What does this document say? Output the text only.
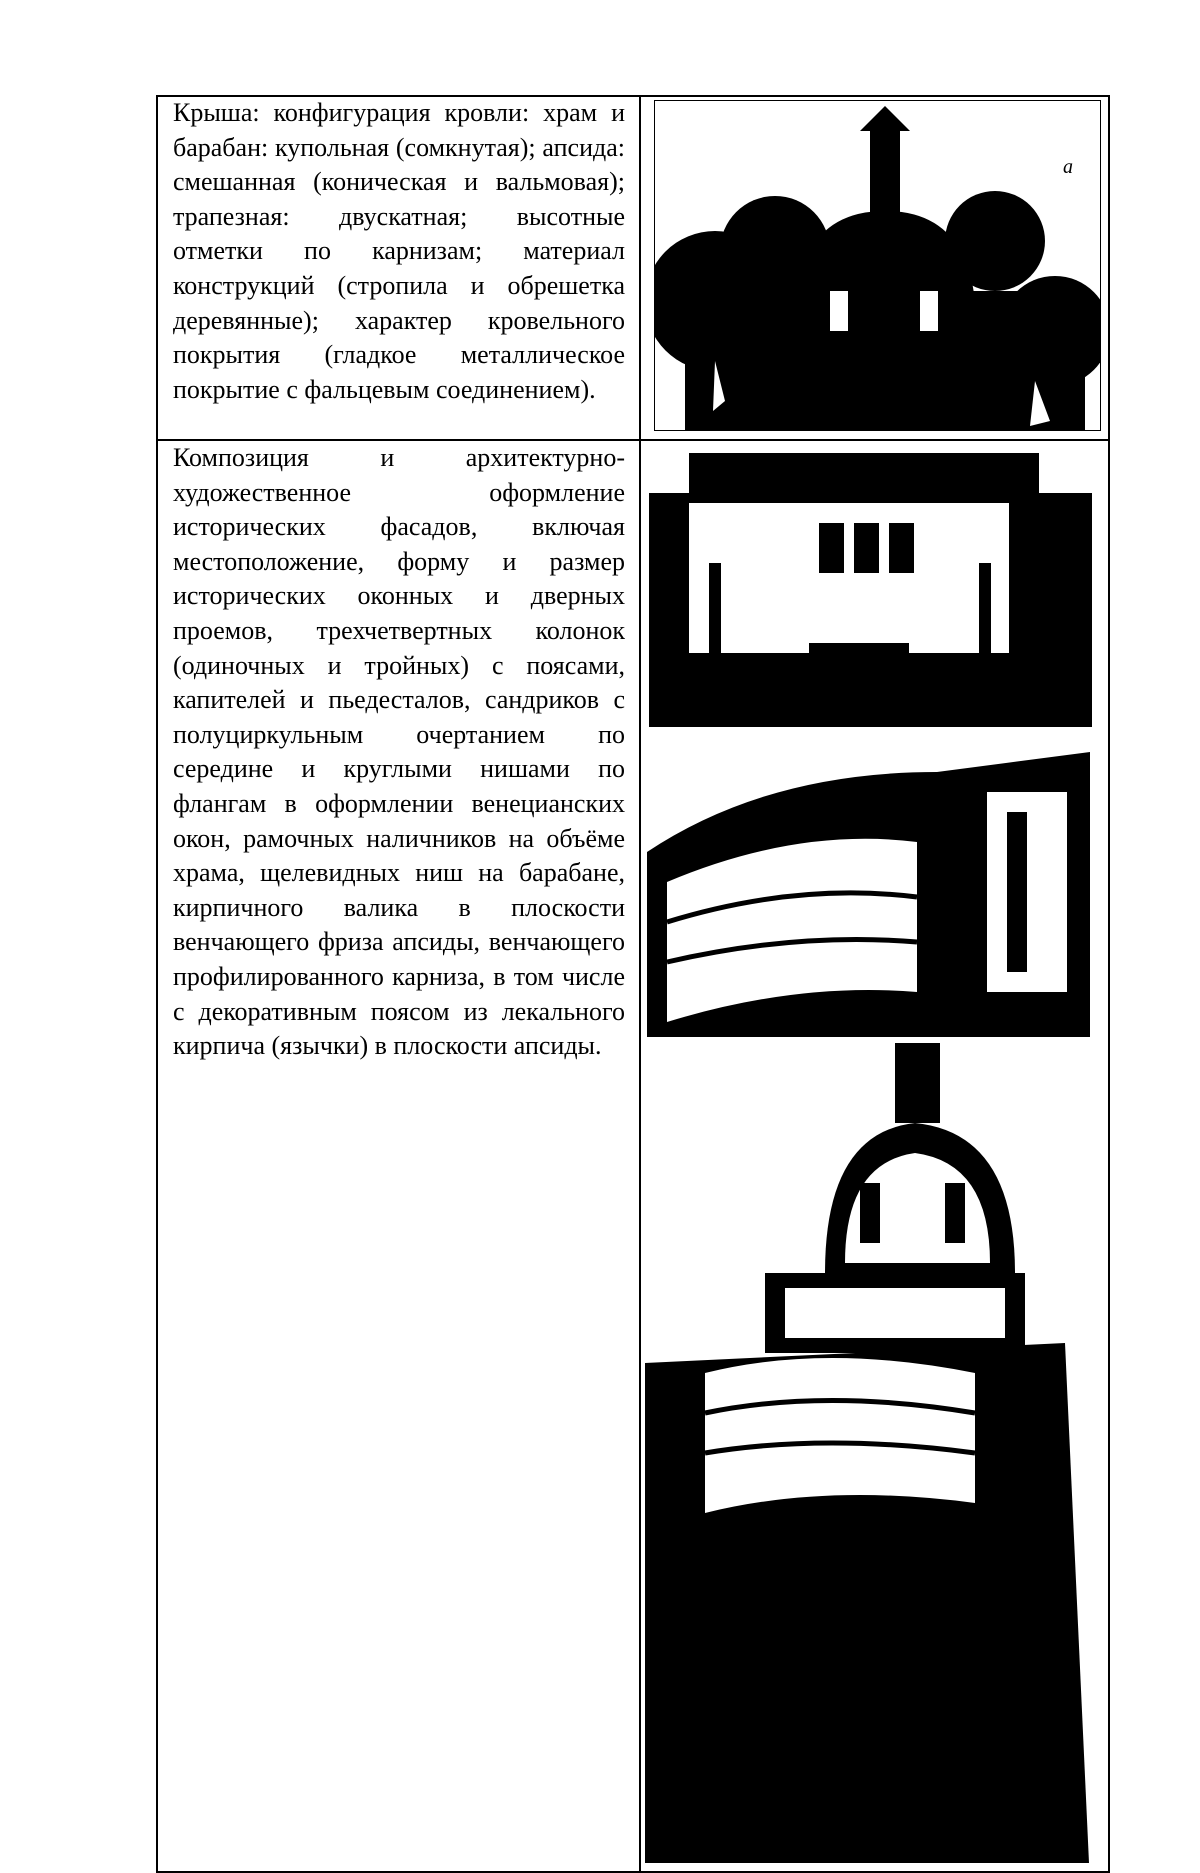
Крыша: конфигурация кровли: храм и барабан: купольная (сомкнутая); апсида: смешанная (коническая и вальмовая); трапезная: двускатная; высотные отметки по карнизам; материал конструкций (стропила и обрешетка деревянные); характер кровельного покрытия (гладкое металлическое покрытие с фальцевым соединением).

Композиция и архитектурно-художественное оформление исторических фасадов, включая местоположение, форму и размер исторических оконных и дверных проемов, трехчетвертных колонок (одиночных и тройных) с поясами, капителей и пьедесталов, сандриков с полуциркульным очертанием по середине и круглыми нишами по флангам в оформлении венецианских окон, рамочных наличников на объёме храма, щелевидных ниш на барабане, кирпичного валика в плоскости венчающего фриза апсиды, венчающего профилированного карниза, в том числе с декоративным поясом из лекального кирпича (язычки) в плоскости апсиды.

a
